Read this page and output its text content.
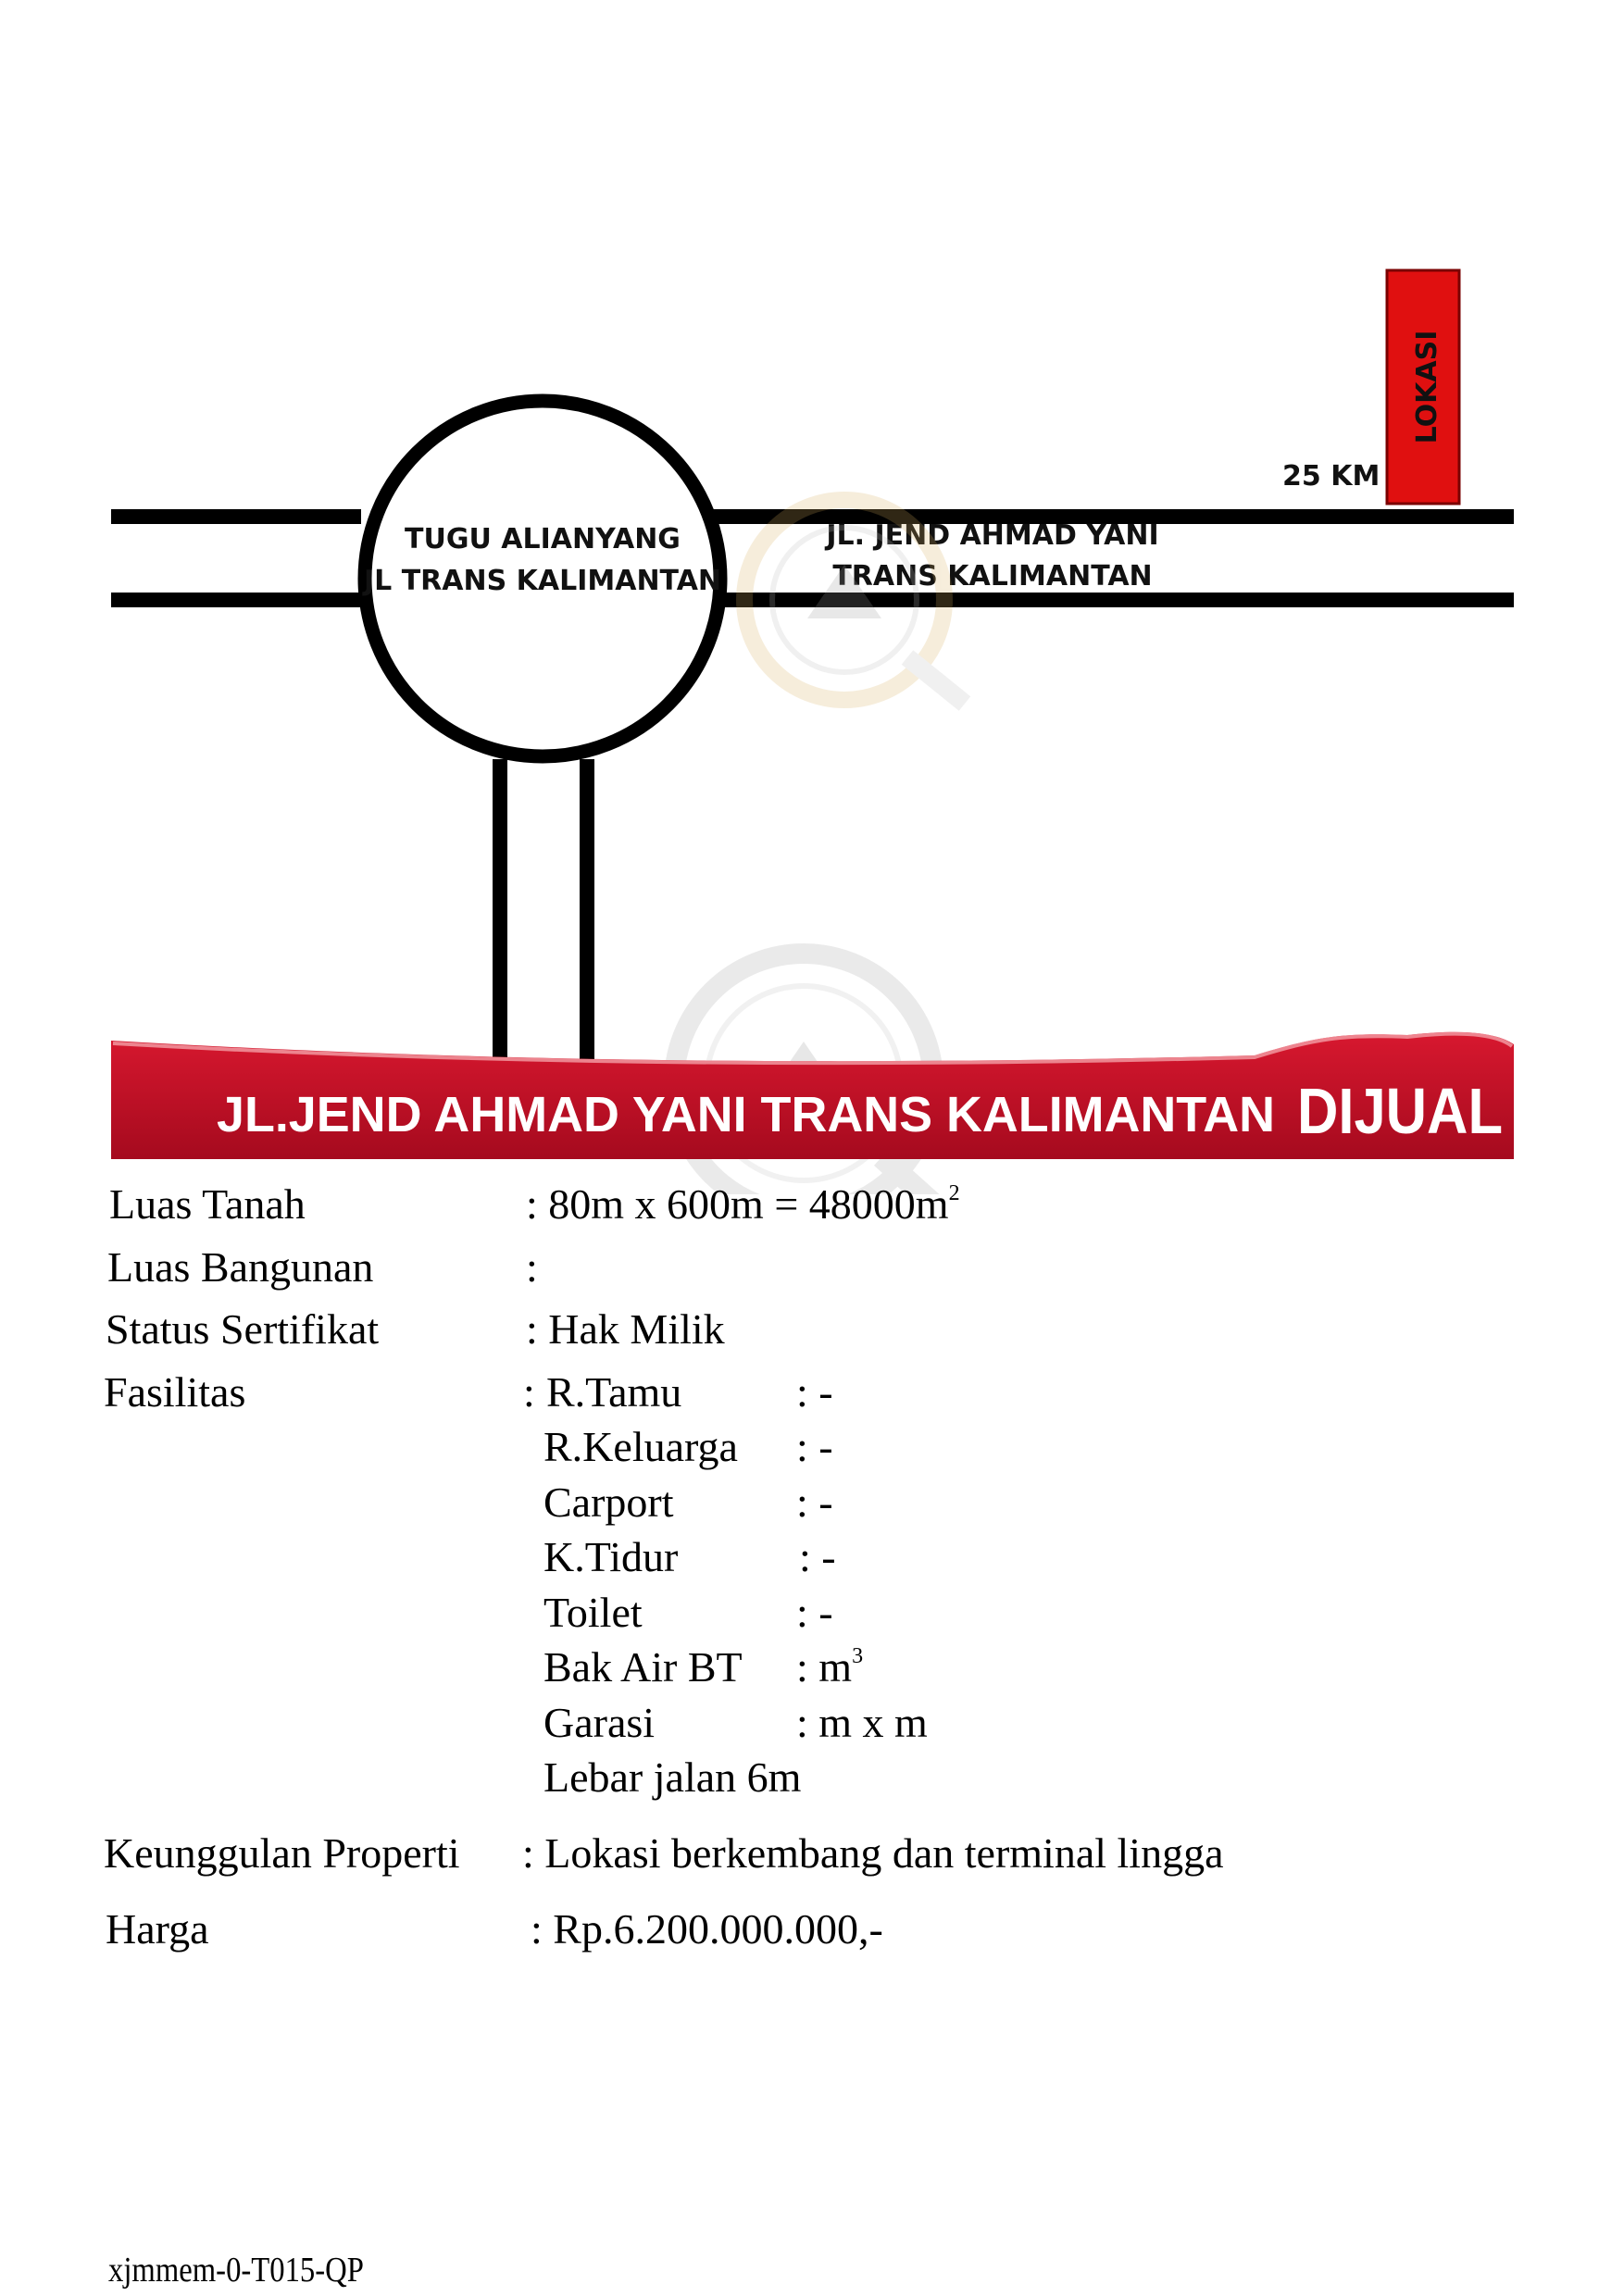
TUGU ALIANYANG
JL TRANS KALIMANTAN
JL. JEND AHMAD YANI
TRANS KALIMANTAN
25 KM
LOKASI
JL.JEND AHMAD YANI TRANS KALIMANTAN DIJUAL
Luas Tanah	: 80m x $600m = 48000m^2$
Luas Bangunan	:
Status Sertifikat	: Hak Milik
Fasilitas	: R.Tamu	: -
R.Keluarga : -
Carport	: -
K.Tidur	: -
Toilet	: -
Bak Air BT : $m^3$
Garasi	: m x m
Lebar jalan 6m
Keunggulan Properti : Lokasi berkembang dan terminal lingga
Harga	: Rp.6.200.000.000,-
xjmmem-0-T015-QP
